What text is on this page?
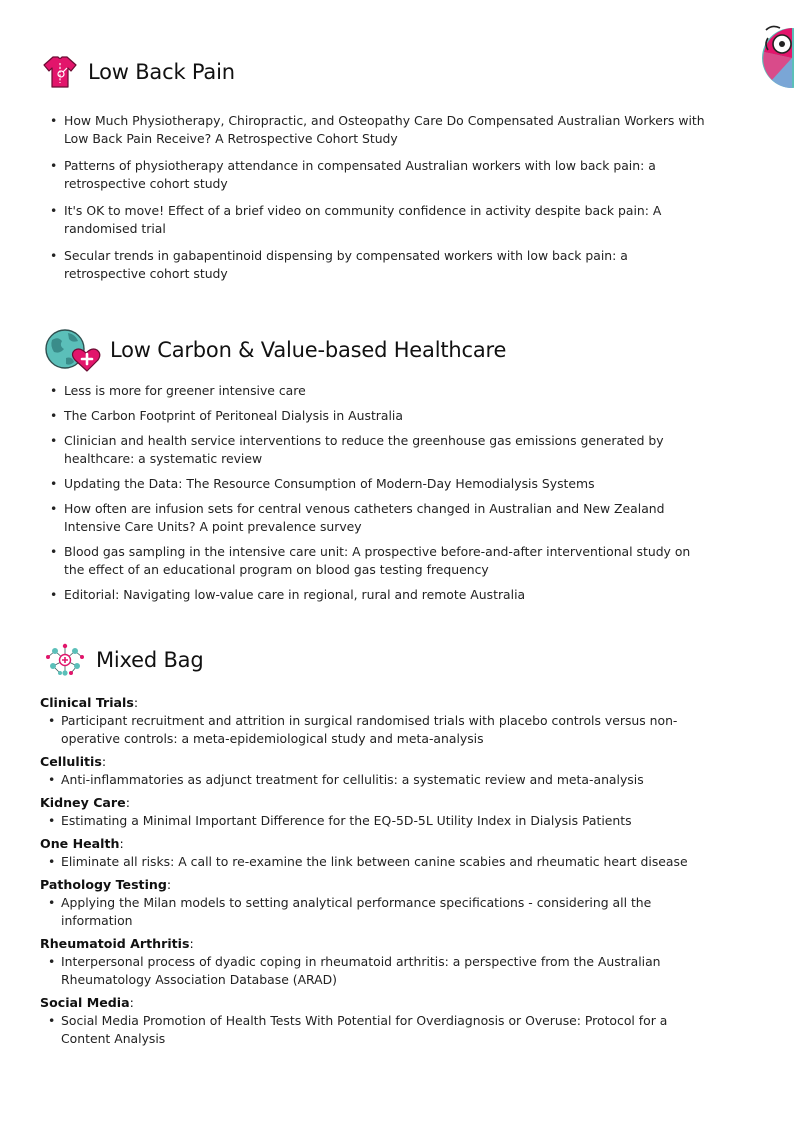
Low Back Pain
• How Much Physiotherapy, Chiropractic, and Osteopathy Care Do Compensated Australian Workers with Low Back Pain Receive? A Retrospective Cohort Study
• Patterns of physiotherapy attendance in compensated Australian workers with low back pain: a retrospective cohort study
• It's OK to move! Effect of a brief video on community confidence in activity despite back pain: A randomised trial
• Secular trends in gabapentinoid dispensing by compensated workers with low back pain: a retrospective cohort study
Low Carbon & Value-based Healthcare
• Less is more for greener intensive care
• The Carbon Footprint of Peritoneal Dialysis in Australia
• Clinician and health service interventions to reduce the greenhouse gas emissions generated by healthcare: a systematic review
• Updating the Data: The Resource Consumption of Modern-Day Hemodialysis Systems
• How often are infusion sets for central venous catheters changed in Australian and New Zealand Intensive Care Units? A point prevalence survey
• Blood gas sampling in the intensive care unit: A prospective before-and-after interventional study on the effect of an educational program on blood gas testing frequency
• Editorial: Navigating low-value care in regional, rural and remote Australia
Mixed Bag
Clinical Trials:
• Participant recruitment and attrition in surgical randomised trials with placebo controls versus non-operative controls: a meta-epidemiological study and meta-analysis
Cellulitis:
• Anti-inflammatories as adjunct treatment for cellulitis: a systematic review and meta-analysis
Kidney Care:
• Estimating a Minimal Important Difference for the EQ-5D-5L Utility Index in Dialysis Patients
One Health:
• Eliminate all risks: A call to re-examine the link between canine scabies and rheumatic heart disease
Pathology Testing:
• Applying the Milan models to setting analytical performance specifications - considering all the information
Rheumatoid Arthritis:
• Interpersonal process of dyadic coping in rheumatoid arthritis: a perspective from the Australian Rheumatology Association Database (ARAD)
Social Media:
• Social Media Promotion of Health Tests With Potential for Overdiagnosis or Overuse: Protocol for a Content Analysis
